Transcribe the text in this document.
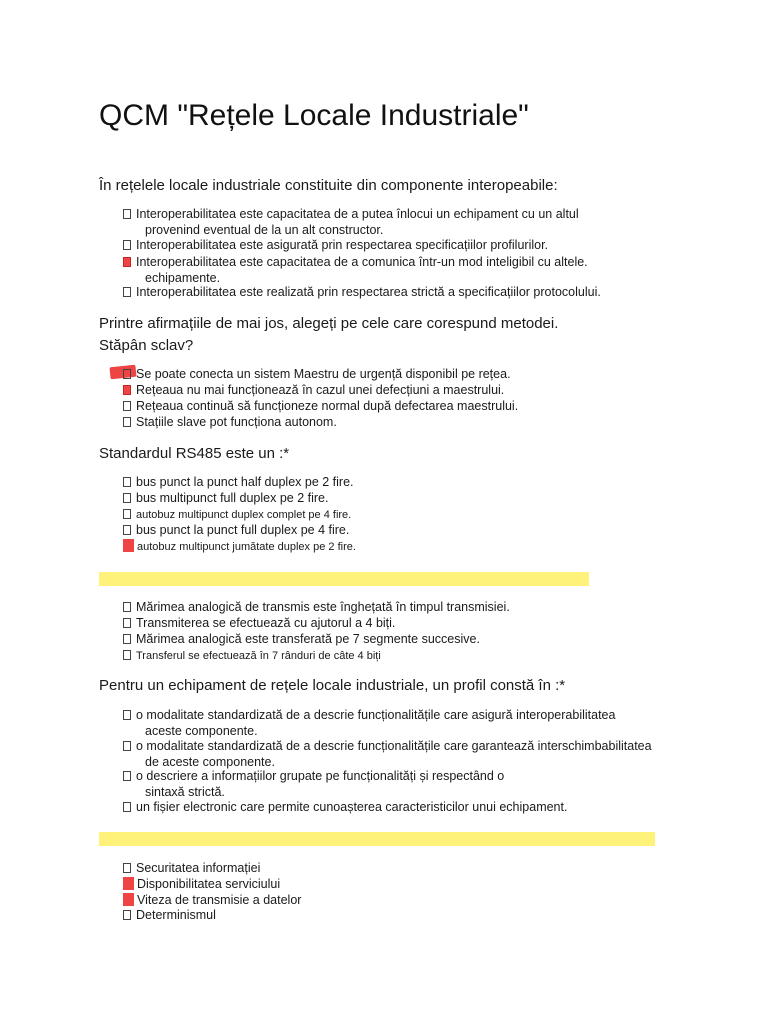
QCM "Rețele Locale Industriale"
În rețelele locale industriale constituite din componente interopeabile:
Interoperabilitatea este capacitatea de a putea înlocui un echipament cu un altul
provenind eventual de la un alt constructor.
Interoperabilitatea este asigurată prin respectarea specificațiilor profilurilor.
Interoperabilitatea este capacitatea de a comunica într-un mod inteligibil cu altele.
echipamente.
Interoperabilitatea este realizată prin respectarea strictă a specificațiilor protocolului.
Printre afirmațiile de mai jos, alegeți pe cele care corespund metodei.
Stăpân sclav?
Se poate conecta un sistem Maestru de urgență disponibil pe rețea.
Rețeaua nu mai funcționează în cazul unei defecțiuni a maestrului.
Rețeaua continuă să funcționeze normal după defectarea maestrului.
Stațiile slave pot funcționa autonom.
Standardul RS485 este un :*
bus punct la punct half duplex pe 2 fire.
bus multipunct full duplex pe 2 fire.
autobuz multipunct duplex complet pe 4 fire.
bus punct la punct full duplex pe 4 fire.
autobuz multipunct jumătate duplex pe 2 fire.
Mărimea analogică de transmis este înghețată în timpul transmisiei.
Transmiterea se efectuează cu ajutorul a 4 biți.
Mărimea analogică este transferată pe 7 segmente succesive.
Transferul se efectuează în 7 rânduri de câte 4 biți
Pentru un echipament de rețele locale industriale, un profil constă în :*
o modalitate standardizată de a descrie funcționalitățile care asigură interoperabilitatea
aceste componente.
o modalitate standardizată de a descrie funcționalitățile care garantează interschimbabilitatea
de aceste componente.
o descriere a informațiilor grupate pe funcționalități și respectând o
sintaxă strictă.
un fișier electronic care permite cunoașterea caracteristicilor unui echipament.
Securitatea informației
Disponibilitatea serviciului
Viteza de transmisie a datelor
Determinismul
